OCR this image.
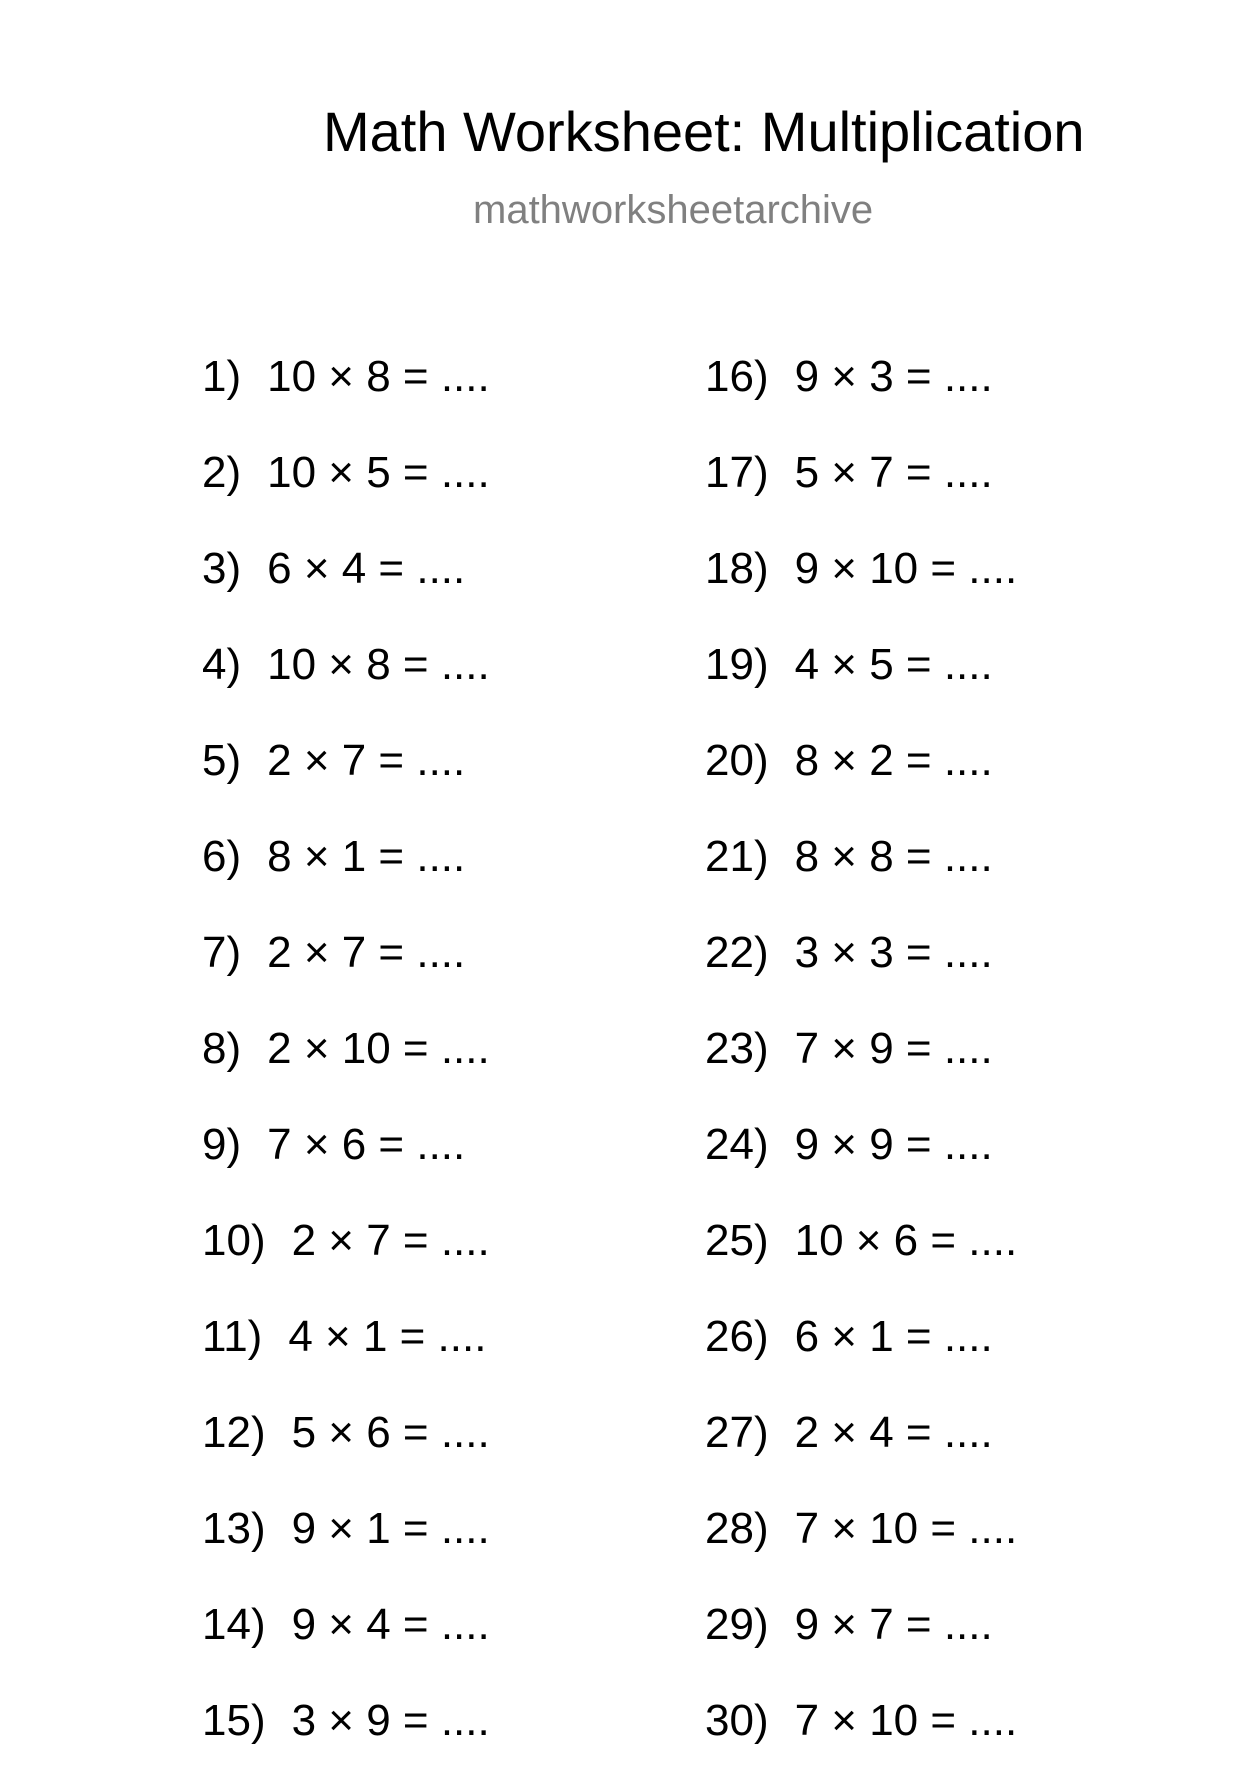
Math Worksheet: Multiplication
mathworksheetarchive
1) 10 × 8 = ....
2) 10 × 5 = ....
3) 6 × 4 = ....
4) 10 × 8 = ....
5) 2 × 7 = ....
6) 8 × 1 = ....
7) 2 × 7 = ....
8) 2 × 10 = ....
9) 7 × 6 = ....
10) 2 × 7 = ....
11) 4 × 1 = ....
12) 5 × 6 = ....
13) 9 × 1 = ....
14) 9 × 4 = ....
15) 3 × 9 = ....
16) 9 × 3 = ....
17) 5 × 7 = ....
18) 9 × 10 = ....
19) 4 × 5 = ....
20) 8 × 2 = ....
21) 8 × 8 = ....
22) 3 × 3 = ....
23) 7 × 9 = ....
24) 9 × 9 = ....
25) 10 × 6 = ....
26) 6 × 1 = ....
27) 2 × 4 = ....
28) 7 × 10 = ....
29) 9 × 7 = ....
30) 7 × 10 = ....
